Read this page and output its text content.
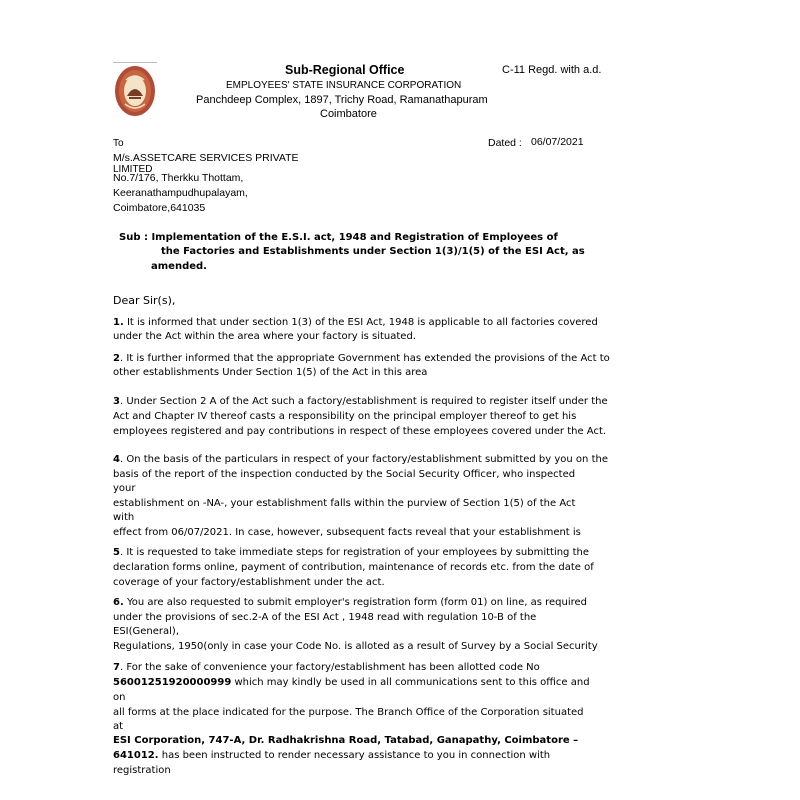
Sub-Regional Office
EMPLOYEES' STATE INSURANCE CORPORATION
Panchdeep Complex, 1897, Trichy Road, Ramanathapuram
Coimbatore
C-11 Regd. with a.d.
To	Dated : 06/07/2021
M/s.ASSETCARE SERVICES PRIVATE
LIMITED
No.7/176, Therkku Thottam,
Keeranathampudhupalayam,
Coimbatore,641035
Dear Sir(s),
Sub : Implementation of the E.S.I. act, 1948 and Registration of Employees of
the Factories and Establishments under Section 1(3)/1(5) of the ESI Act, as
amended.
1. It is informed that under section 1(3) of the ESI Act, 1948 is applicable to all factories covered
under the Act within the area where your factory is situated.
2. It is further informed that the appropriate Government has extended the provisions of the Act to
other establishments Under Section 1(5) of the Act in this area
3. Under Section 2 A of the Act such a factory/establishment is required to register itself under the
Act and Chapter IV thereof casts a responsibility on the principal employer thereof to get his
employees registered and pay contributions in respect of these employees covered under the Act.
4. On the basis of the particulars in respect of your factory/establishment submitted by you on the
basis of the report of the inspection conducted by the Social Security Officer, who inspected
your
establishment on -NA-, your establishment falls within the purview of Section 1(5) of the Act
with
effect from 06/07/2021. In case, however, subsequent facts reveal that your establishment is
5. It is requested to take immediate steps for registration of your employees by submitting the
declaration forms online, payment of contribution, maintenance of records etc. from the date of
coverage of your factory/establishment under the act.
6. You are also requested to submit employer's registration form (form 01) on line, as required
under the provisions of sec.2-A of the ESI Act , 1948 read with regulation 10-B of the
ESI(General),
Regulations, 1950(only in case your Code No. is alloted as a result of Survey by a Social Security
7. For the sake of convenience your factory/establishment has been allotted code No
56001251920000999 which may kindly be used in all communications sent to this office and
on
all forms at the place indicated for the purpose. The Branch Office of the Corporation situated
at
ESI Corporation, 747-A, Dr. Radhakrishna Road, Tatabad, Ganapathy, Coimbatore –
641012. has been instructed to render necessary assistance to you in connection with
registration
